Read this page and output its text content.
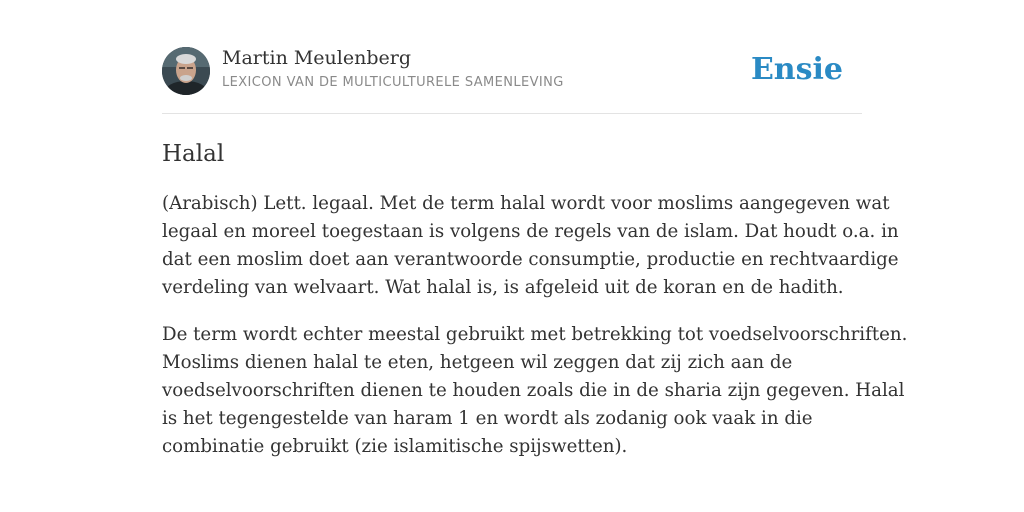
Martin Meulenberg
LEXICON VAN DE MULTICULTURELE SAMENLEVING	Ensie
Halal

(Arabisch) Lett. legaal. Met de term halal wordt voor moslims aangegeven wat
legaal en moreel toegestaan is volgens de regels van de islam. Dat houdt o.a. in
dat een moslim doet aan verantwoorde consumptie, productie en rechtvaardige
verdeling van welvaart. Wat halal is, is afgeleid uit de koran en de hadith.

De term wordt echter meestal gebruikt met betrekking tot voedselvoorschriften.
Moslims dienen halal te eten, hetgeen wil zeggen dat zij zich aan de
voedselvoorschriften dienen te houden zoals die in de sharia zijn gegeven. Halal
is het tegengestelde van haram 1 en wordt als zodanig ook vaak in die
combinatie gebruikt (zie islamitische spijswetten).
